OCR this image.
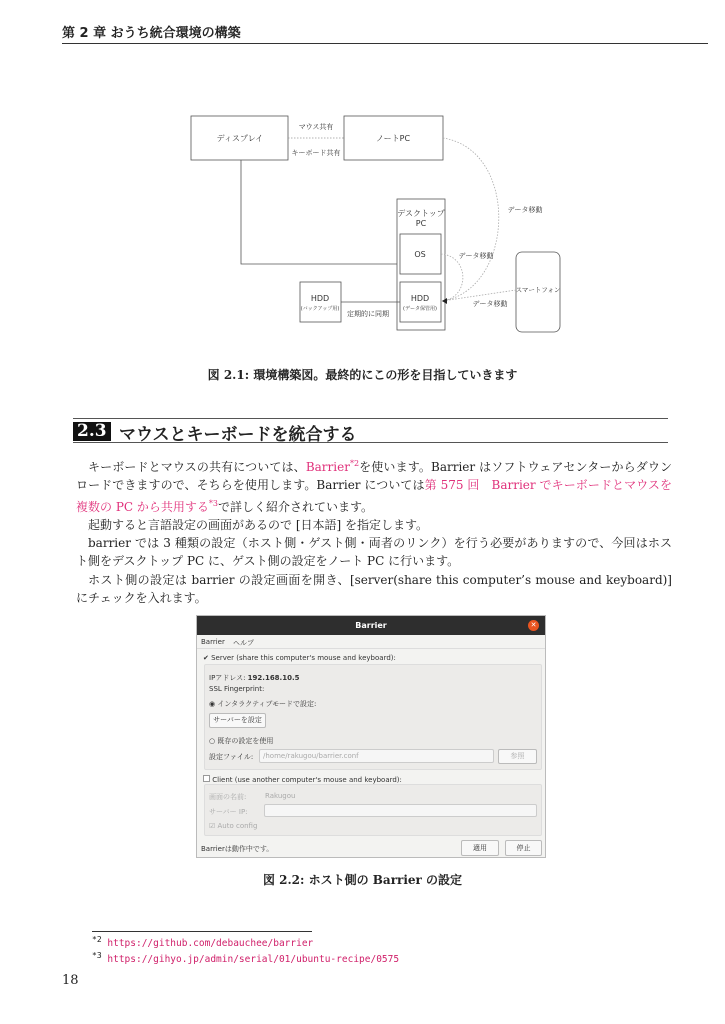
第 2 章 おうち統合環境の構築
ディスプレイ	ノートPC
マウス共有
キーボード共有
デスクトップ
PC
OS
HDD
(データ保管用)
HDD
(バックアップ用)
定期的に同期
スマートフォン
データ移動
データ移動
データ移動
図 2.1: 環境構築図。最終的にこの形を目指していきます
2.3 マウスとキーボードを統合する

キーボードとマウスの共有については、Barrier$^{*2}$を使います。Barrier はソフトウェアセンターからダウンロードできますので、そちらを使用します。Barrier については第 575 回　Barrier でキーボードとマウスを複数の PC から共用する$^{*3}$で詳しく紹介されています。

起動すると言語設定の画面があるので [日本語] を指定します。

barrier では 3 種類の設定（ホスト側・ゲスト側・両者のリンク）を行う必要がありますので、今回はホスト側をデスクトップ PC に、ゲスト側の設定をノート PC に行います。

ホスト側の設定は barrier の設定画面を開き、[server(share this computer’s mouse and keyboard)] にチェックを入れます。

Barrier	✕
Barrier ヘルプ
✔ Server (share this computer's mouse and keyboard):
IPアドレス: 192.168.10.5
SSL Fingerprint:
◉ インタラクティブモードで設定:
サーバーを設定
○ 既存の設定を使用
設定ファイル:	/home/rakugou/barrier.conf	参照
Client (use another computer's mouse and keyboard):
画面の名前:	Rakugou
サーバー IP:
☑ Auto config
Barrierは動作中です。	適用	停止
図 2.2: ホスト側の Barrier の設定
$^{*2}$ https://github.com/debauchee/barrier
$^{*3}$ https://gihyo.jp/admin/serial/01/ubuntu-recipe/0575
18
